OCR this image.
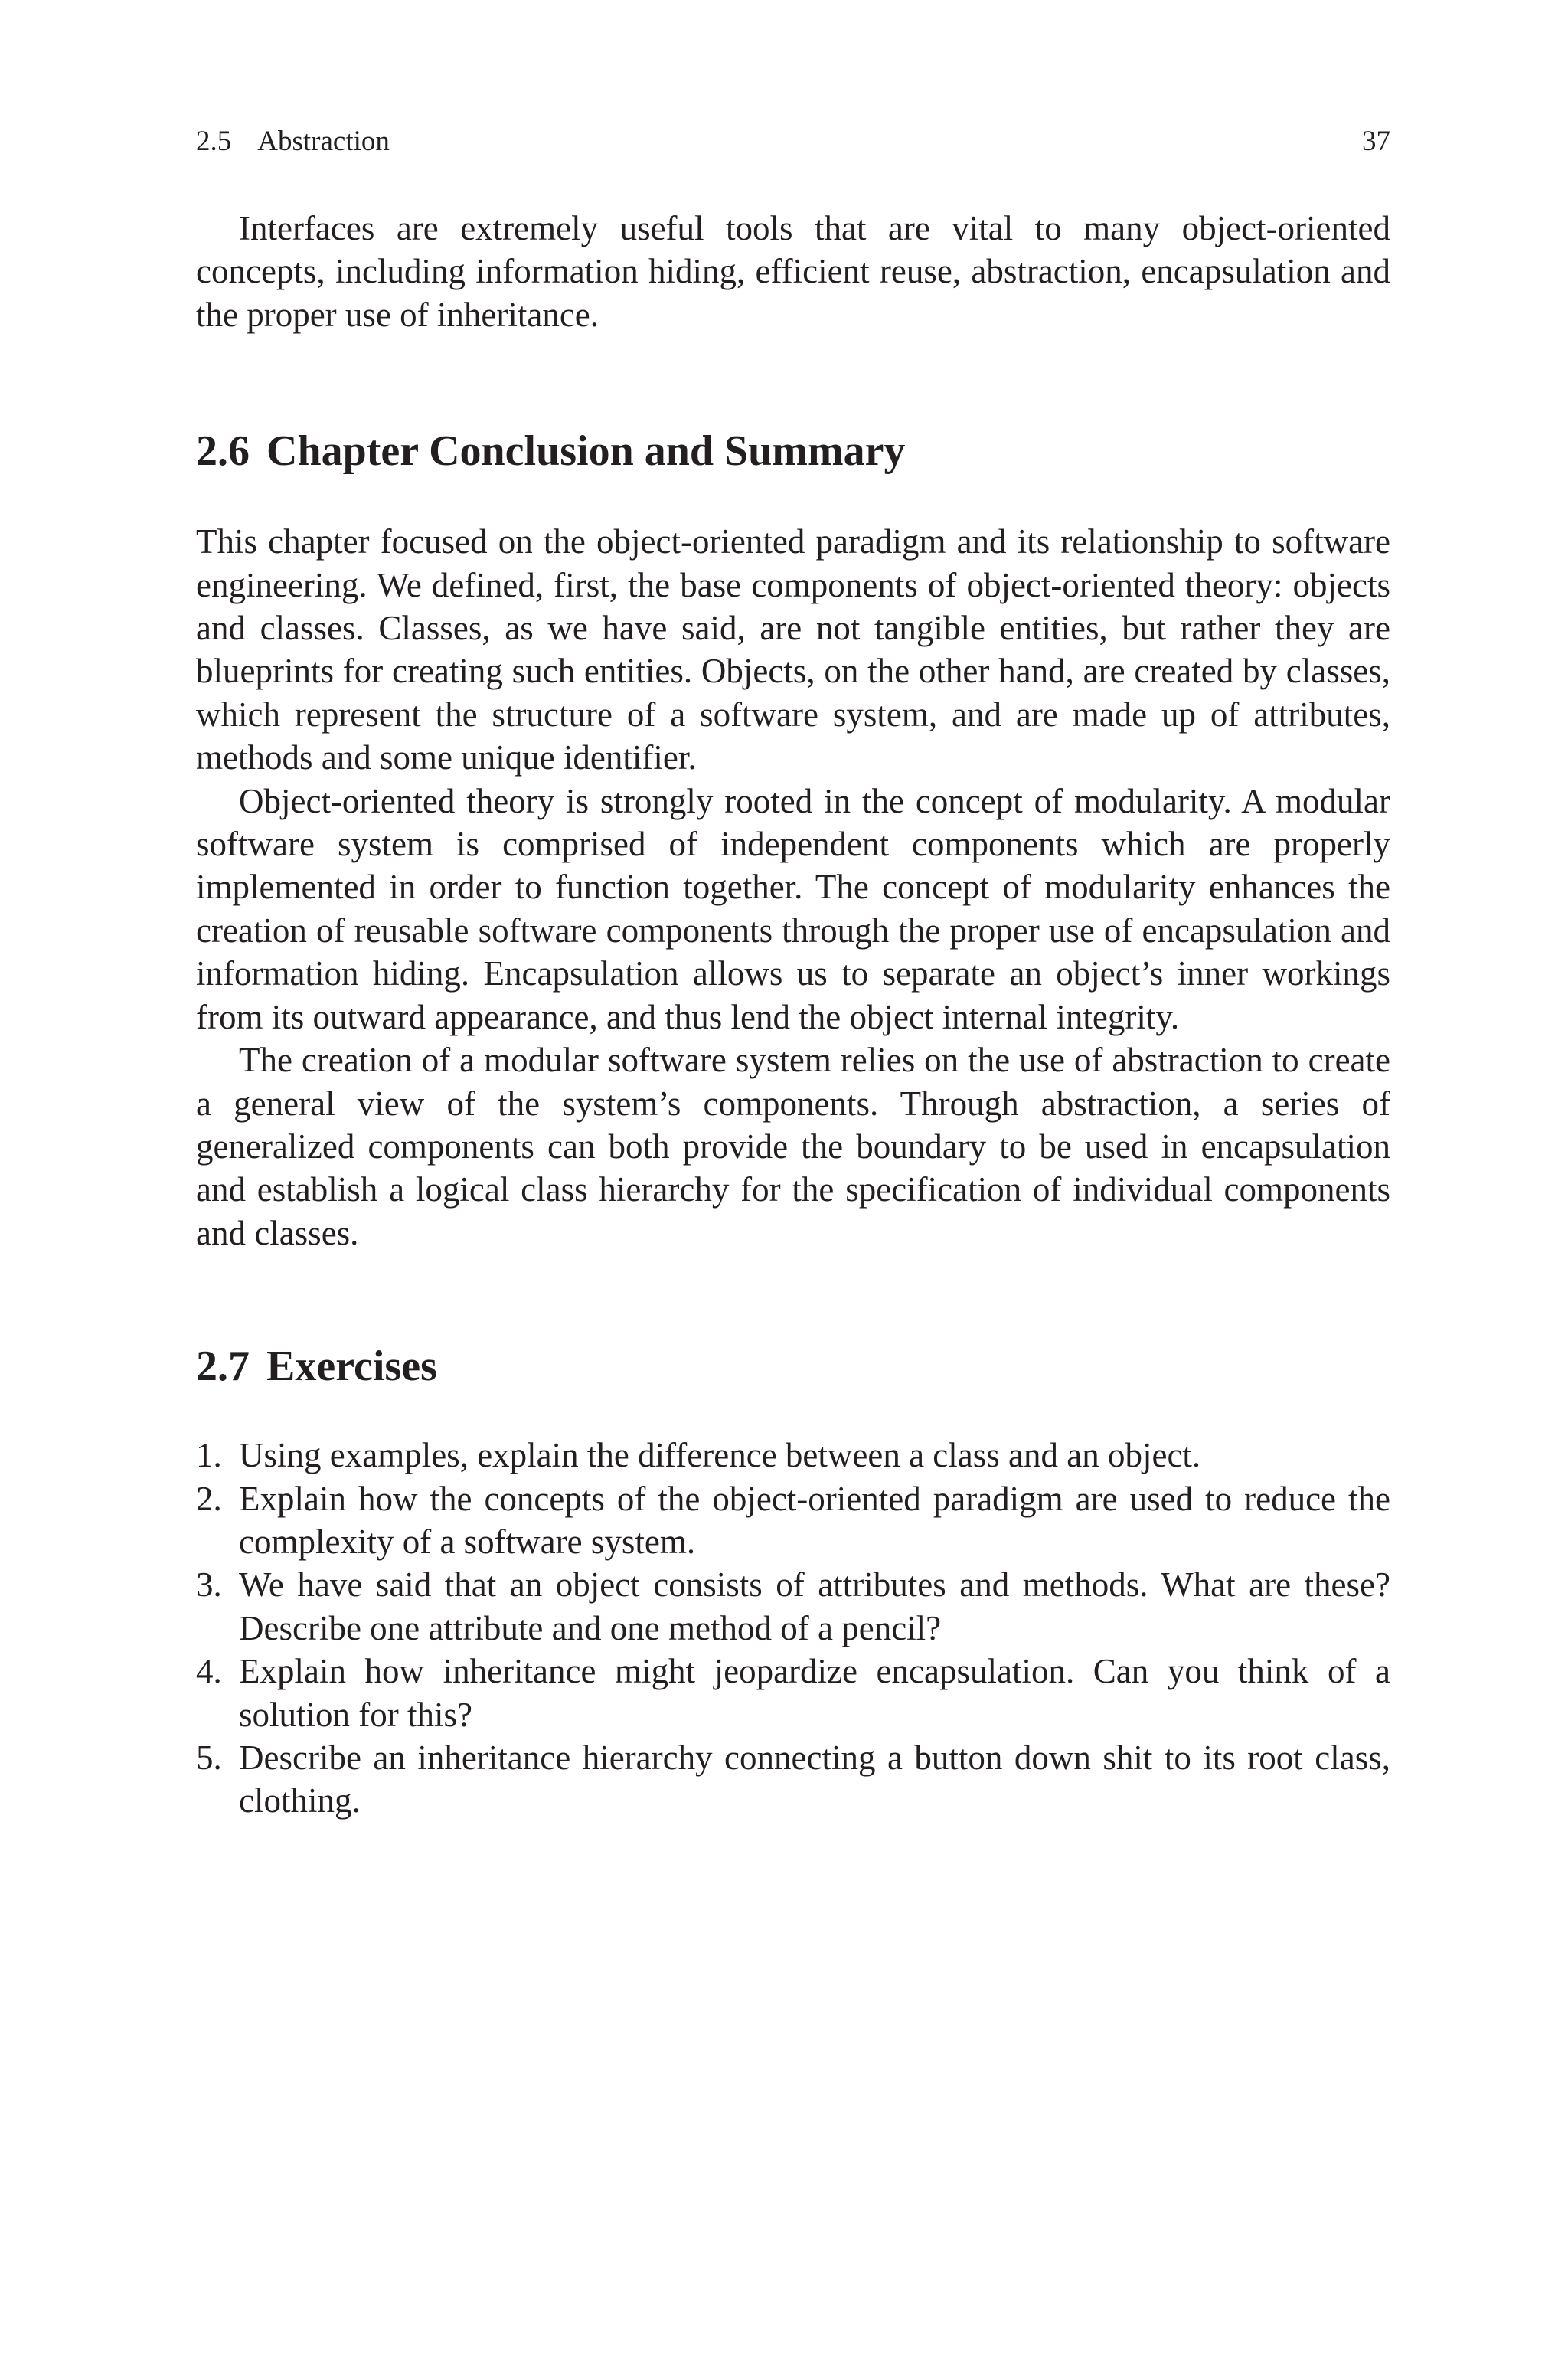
2.5 Abstraction	37

Interfaces are extremely useful tools that are vital to many object-oriented concepts, including information hiding, efficient reuse, abstraction, encapsulation and the proper use of inheritance.

2.6 Chapter Conclusion and Summary

This chapter focused on the object-oriented paradigm and its relationship to software engineering. We defined, first, the base components of object-oriented theory: objects and classes. Classes, as we have said, are not tangible entities, but rather they are blueprints for creating such entities. Objects, on the other hand, are created by classes, which represent the structure of a software system, and are made up of attributes, methods and some unique identifier.

Object-oriented theory is strongly rooted in the concept of modularity. A modular software system is comprised of independent components which are properly implemented in order to function together. The concept of modularity enhances the creation of reusable software components through the proper use of encapsulation and information hiding. Encapsulation allows us to separate an object’s inner workings from its outward appearance, and thus lend the object internal integrity.

The creation of a modular software system relies on the use of abstraction to create a general view of the system’s components. Through abstraction, a series of generalized components can both provide the boundary to be used in encapsulation and establish a logical class hierarchy for the specification of individual components and classes.

2.7 Exercises
1. Using examples, explain the difference between a class and an object.
2. Explain how the concepts of the object-oriented paradigm are used to reduce the complexity of a software system.
3. We have said that an object consists of attributes and methods. What are these? Describe one attribute and one method of a pencil?
4. Explain how inheritance might jeopardize encapsulation. Can you think of a solution for this?
5. Describe an inheritance hierarchy connecting a button down shit to its root class, clothing.
